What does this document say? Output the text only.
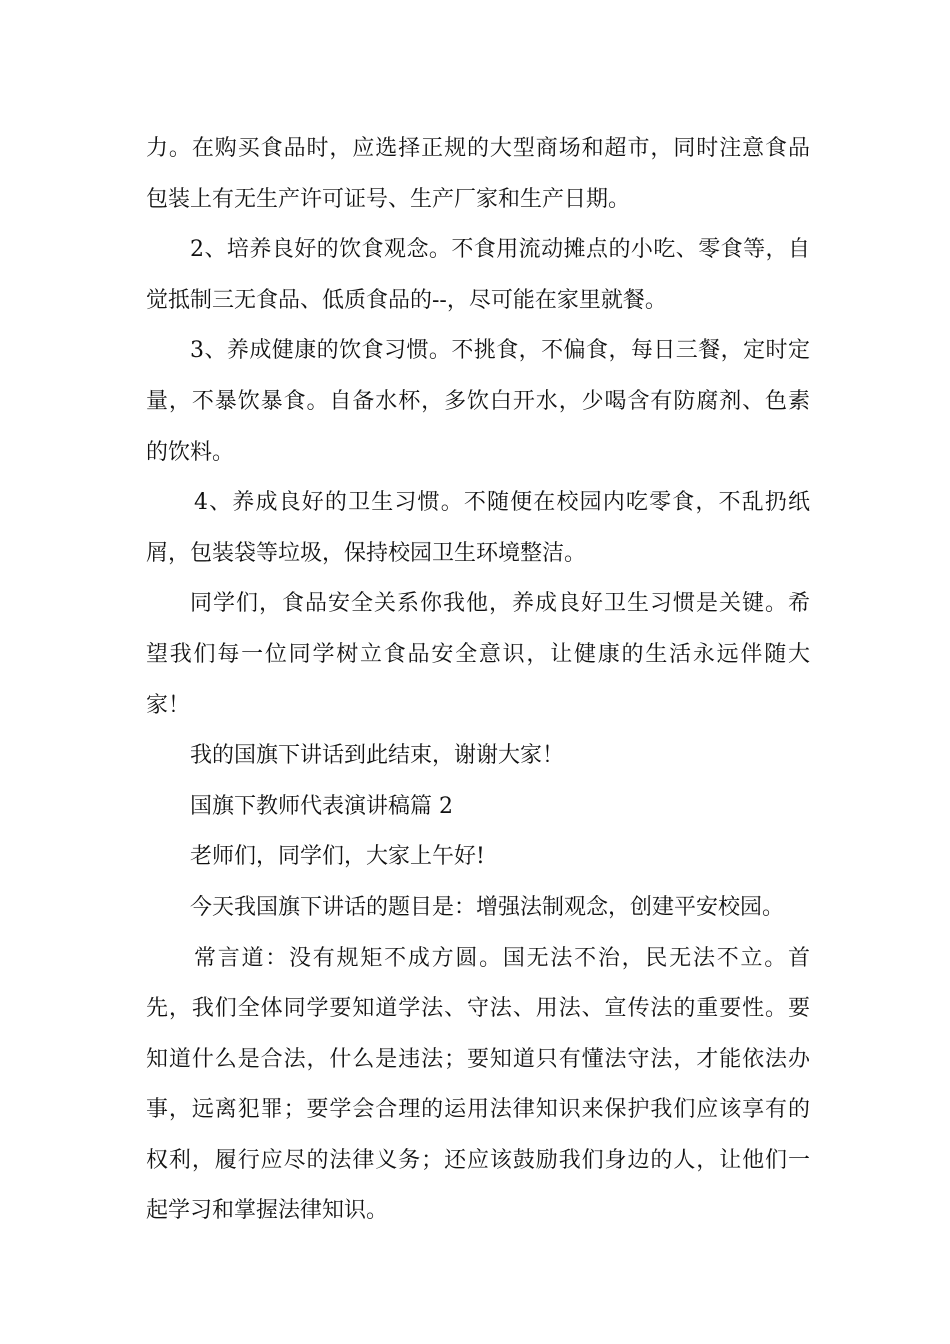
力。在购买食品时，应选择正规的大型商场和超市，同时注意食品
包装上有无生产许可证号、生产厂家和生产日期。
2、培养良好的饮食观念。不食用流动摊点的小吃、零食等，自
觉抵制三无食品、低质食品的--，尽可能在家里就餐。
3、养成健康的饮食习惯。不挑食，不偏食，每日三餐，定时定
量，不暴饮暴食。自备水杯，多饮白开水，少喝含有防腐剂、色素
的饮料。
4、养成良好的卫生习惯。不随便在校园内吃零食，不乱扔纸
屑，包装袋等垃圾，保持校园卫生环境整洁。
同学们，食品安全关系你我他，养成良好卫生习惯是关键。希
望我们每一位同学树立食品安全意识，让健康的生活永远伴随大
家！
我的国旗下讲话到此结束，谢谢大家！
国旗下教师代表演讲稿篇 2
老师们，同学们，大家上午好!
今天我国旗下讲话的题目是：增强法制观念，创建平安校园。
常言道：没有规矩不成方圆。国无法不治，民无法不立。首
先，我们全体同学要知道学法、守法、用法、宣传法的重要性。要
知道什么是合法，什么是违法；要知道只有懂法守法，才能依法办
事，远离犯罪；要学会合理的运用法律知识来保护我们应该享有的
权利，履行应尽的法律义务；还应该鼓励我们身边的人，让他们一
起学习和掌握法律知识。
